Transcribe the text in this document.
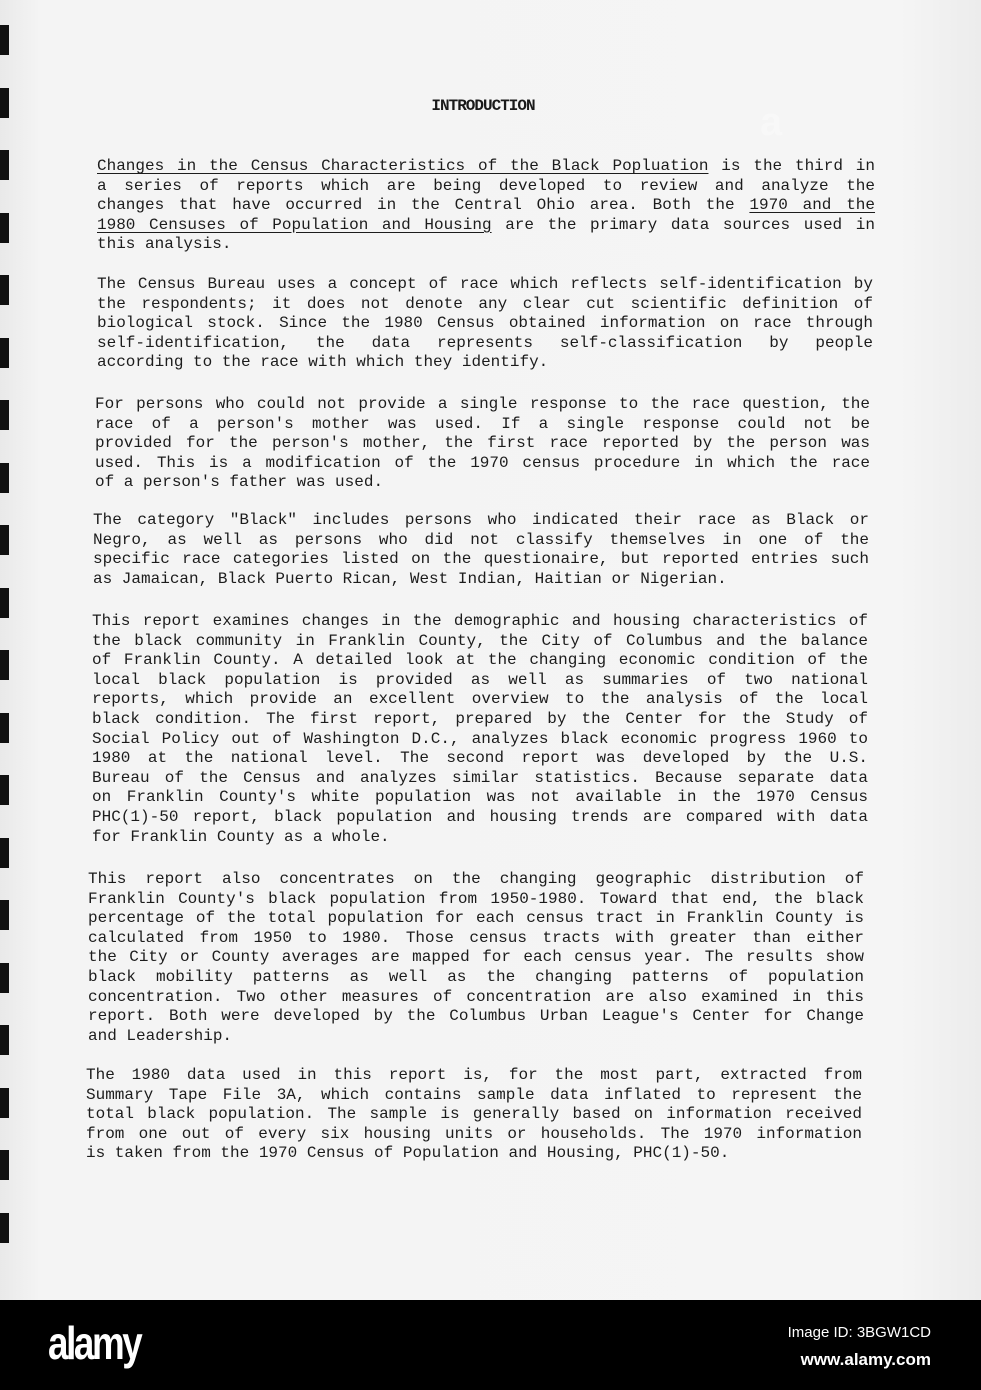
a
INTRODUCTION
Changes in the Census Characteristics of the Black Popluation is the third in
a series of reports which are being developed to review and analyze the
changes that have occurred in the Central Ohio area. Both the 1970 and the
1980 Censuses of Population and Housing are the primary data sources used in
this analysis.
The Census Bureau uses a concept of race which reflects self-identification by
the respondents; it does not denote any clear cut scientific definition of
biological stock. Since the 1980 Census obtained information on race through
self-identification, the data represents self-classification by people
according to the race with which they identify.
For persons who could not provide a single response to the race question, the
race of a person's mother was used. If a single response could not be
provided for the person's mother, the first race reported by the person was
used. This is a modification of the 1970 census procedure in which the race
of a person's father was used.
The category "Black" includes persons who indicated their race as Black or
Negro, as well as persons who did not classify themselves in one of the
specific race categories listed on the questionaire, but reported entries such
as Jamaican, Black Puerto Rican, West Indian, Haitian or Nigerian.
This report examines changes in the demographic and housing characteristics of
the black community in Franklin County, the City of Columbus and the balance
of Franklin County. A detailed look at the changing economic condition of the
local black population is provided as well as summaries of two national
reports, which provide an excellent overview to the analysis of the local
black condition. The first report, prepared by the Center for the Study of
Social Policy out of Washington D.C., analyzes black economic progress 1960 to
1980 at the national level. The second report was developed by the U.S.
Bureau of the Census and analyzes similar statistics. Because separate data
on Franklin County's white population was not available in the 1970 Census
PHC(1)-50 report, black population and housing trends are compared with data
for Franklin County as a whole.
This report also concentrates on the changing geographic distribution of
Franklin County's black population from 1950-1980. Toward that end, the black
percentage of the total population for each census tract in Franklin County is
calculated from 1950 to 1980. Those census tracts with greater than either
the City or County averages are mapped for each census year. The results show
black mobility patterns as well as the changing patterns of population
concentration. Two other measures of concentration are also examined in this
report. Both were developed by the Columbus Urban League's Center for Change
and Leadership.
The 1980 data used in this report is, for the most part, extracted from
Summary Tape File 3A, which contains sample data inflated to represent the
total black population. The sample is generally based on information received
from one out of every six housing units or households. The 1970 information
is taken from the 1970 Census of Population and Housing, PHC(1)-50.
alamy	Image ID: 3BGW1CD
www.alamy.com
